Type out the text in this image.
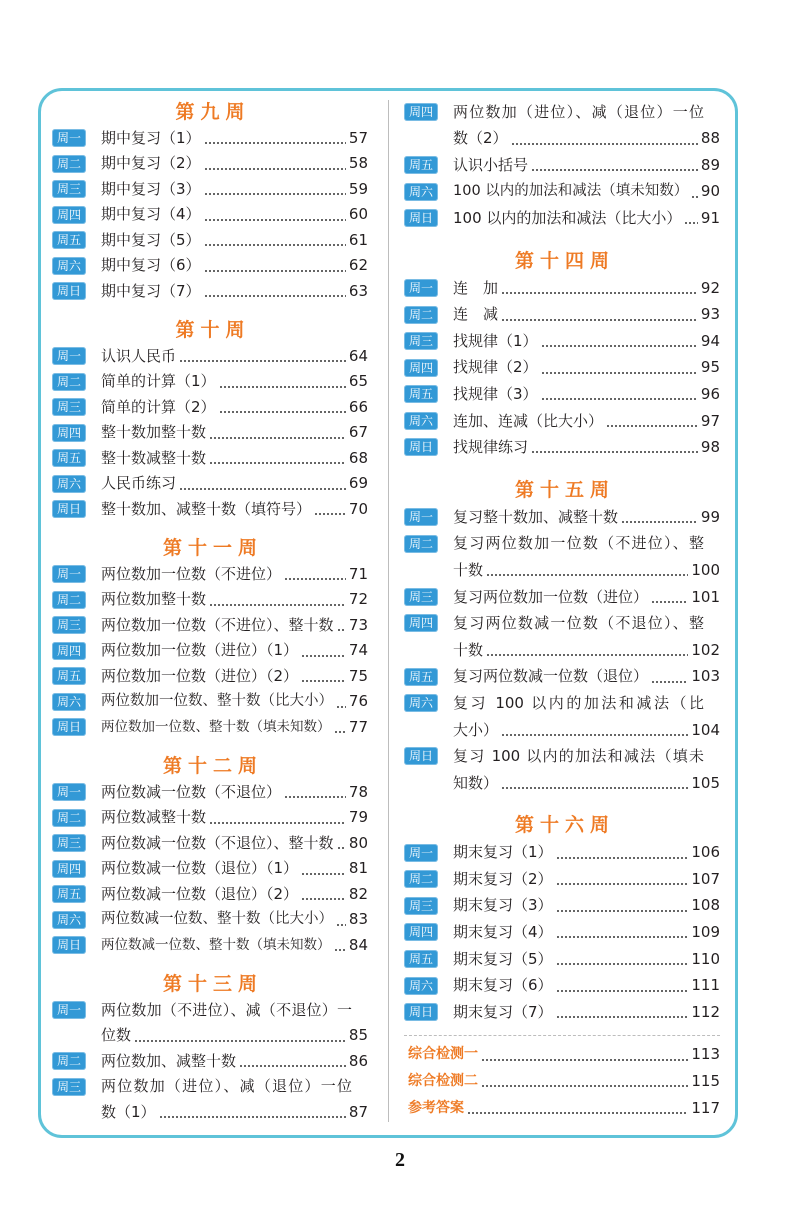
第九周
周一	期中复习（1）	57
周二	期中复习（2）	58
周三	期中复习（3）	59
周四	期中复习（4）	60
周五	期中复习（5）	61
周六	期中复习（6）	62
周日	期中复习（7）	63
第十周
周一	认识人民币	64
周二	简单的计算（1）	65
周三	简单的计算（2）	66
周四	整十数加整十数	67
周五	整十数减整十数	68
周六	人民币练习	69
周日	整十数加、减整十数（填符号）	70
第十一周
周一	两位数加一位数（不进位）	71
周二	两位数加整十数	72
周三	两位数加一位数（不进位）、整十数 73
周四	两位数加一位数（进位）（1）	74
周五	两位数加一位数（进位）（2）	75
周六	两位数加一位数、整十数（比大小） 76
周日	两位数加一位数、整十数（填未知数） 77
第十二周
周一	两位数减一位数（不退位）	78
周二	两位数减整十数	79
周三	两位数减一位数（不退位）、整十数 80
周四	两位数减一位数（退位）（1）	81
周五	两位数减一位数（退位）（2）	82
周六	两位数减一位数、整十数（比大小） 83
周日	两位数减一位数、整十数（填未知数） 84
第十三周
周一	两位数加（不进位）、减（不退位）一
位数	85
周二	两位数加、减整十数	86
周三	两位数加（进位）、减（退位）一位
数（1）	87
周四	两位数加（进位）、减（退位）一位
数（2）	88
周五	认识小括号	89
周六	100 以内的加法和减法（填未知数） 90
周日	100 以内的加法和减法（比大小） 91
第十四周
周一	连　加	92
周二	连　减	93
周三	找规律（1）	94
周四	找规律（2）	95
周五	找规律（3）	96
周六	连加、连减（比大小）	97
周日	找规律练习	98
第十五周
周一	复习整十数加、减整十数	99
周二	复习两位数加一位数（不进位）、整
十数	100
周三	复习两位数加一位数（进位）	101
周四	复习两位数减一位数（不退位）、整
十数	102
周五	复习两位数减一位数（退位）	103
周六	复习 100 以内的加法和减法（比
大小）	104
周日	复习 100 以内的加法和减法（填未
知数）	105
第十六周
周一	期末复习（1）	106
周二	期末复习（2）	107
周三	期末复习（3）	108
周四	期末复习（4）	109
周五	期末复习（5）	110
周六	期末复习（6）	111
周日	期末复习（7）	112
综合检测一	113
综合检测二	115
参考答案	117
2
